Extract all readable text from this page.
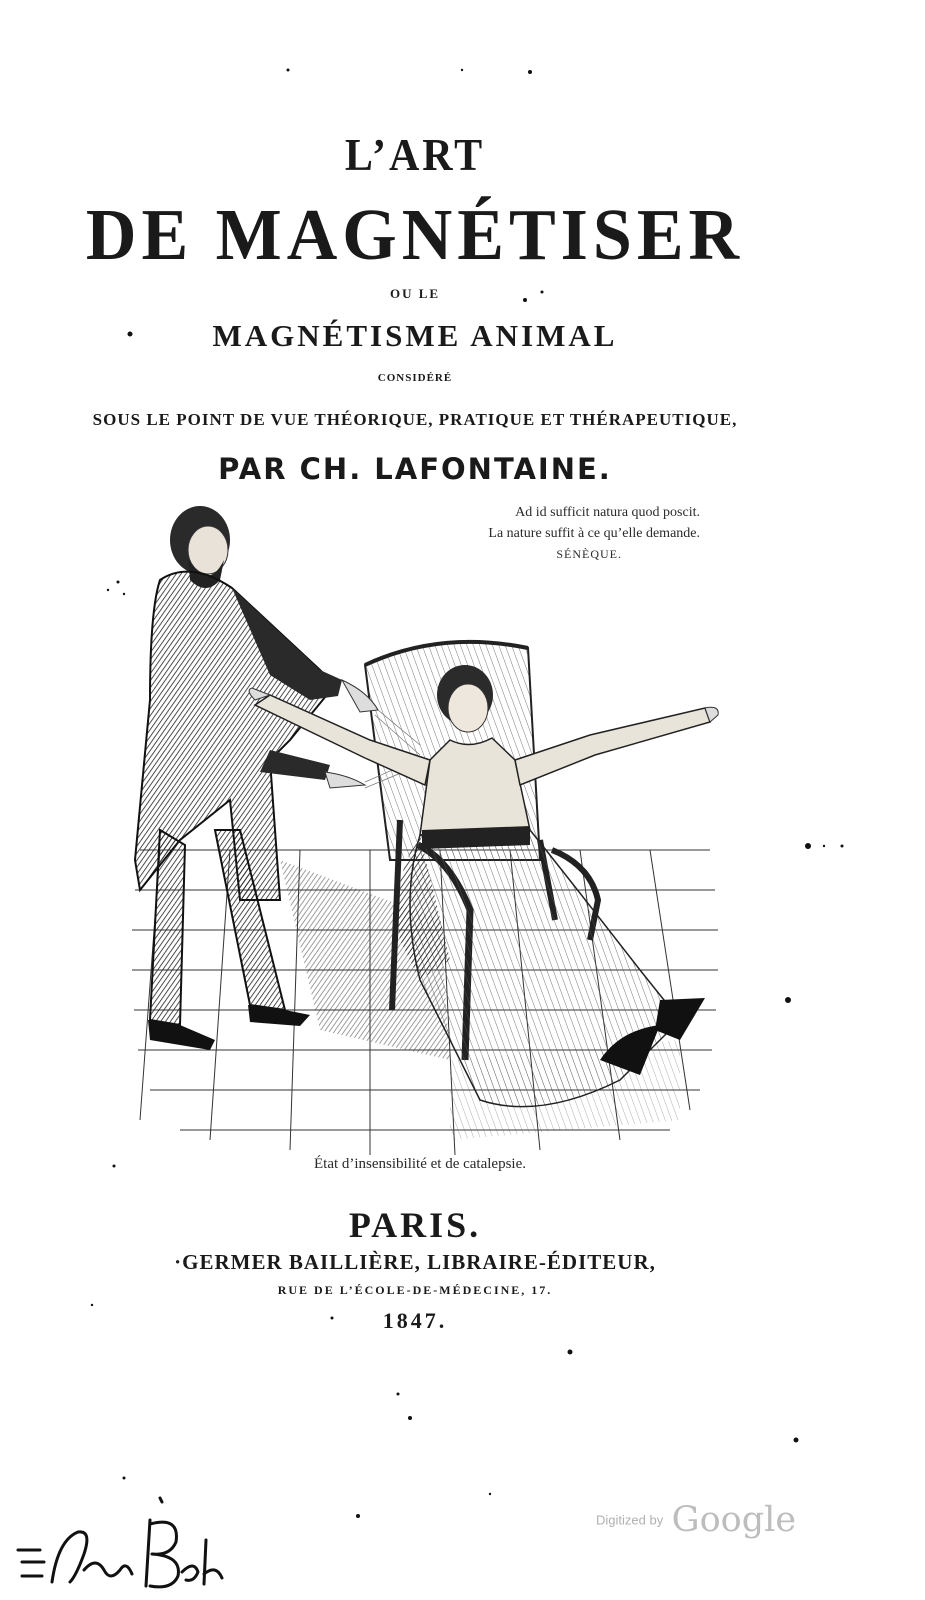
L’ART
DE MAGNÉTISER
OU LE
MAGNÉTISME ANIMAL
CONSIDÉRÉ
SOUS LE POINT DE VUE THÉORIQUE, PRATIQUE ET THÉRAPEUTIQUE,
PAR CH. LAFONTAINE.
Ad id sufficit natura quod poscit.
La nature suffit à ce qu’elle demande.

SÉNÈQUE.
État d’insensibilité et de catalepsie.
PARIS.
·GERMER BAILLIÈRE, LIBRAIRE-ÉDITEUR,
RUE DE L’ÉCOLE-DE-MÉDECINE, 17.
1847.
Digitized by Google
